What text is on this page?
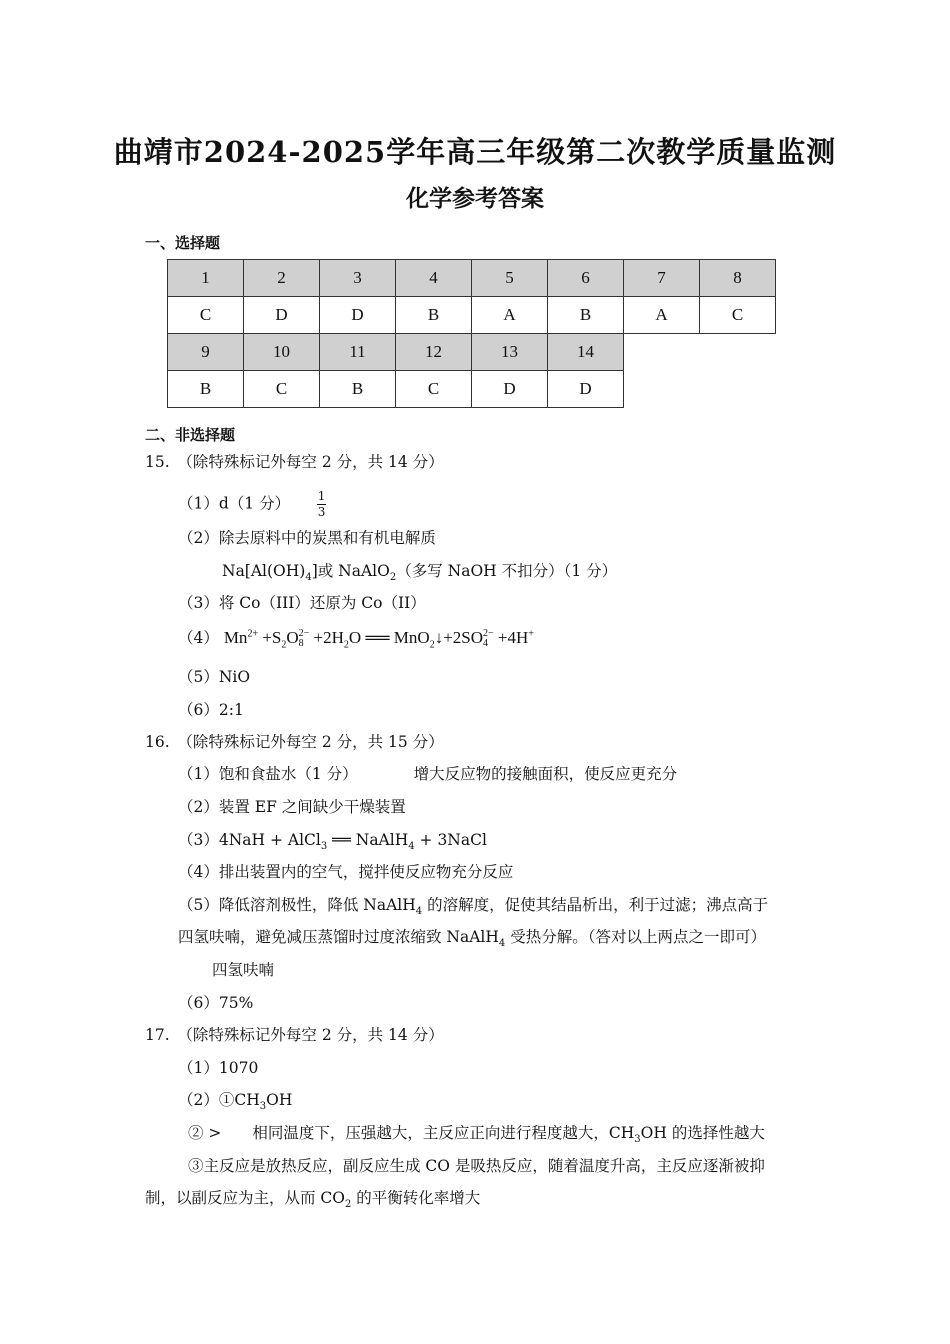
曲靖市2024-2025学年高三年级第二次教学质量监测
化学参考答案
一、选择题
1	2	3	4	5	6	7	8
C	D	D	B	A	B	A	C
9	10	11	12	13	14		
B	C	B	C	D	D		
二、非选择题
15.　（除特殊标记外每空 2 分，共 14 分）
（1）d（1 分） $\frac{1}{3}$
（2）除去原料中的炭黑和有机电解质
$Na[Al(OH)_4]$或 NaAlO$_2$（多写 NaOH 不扣分）（1 分）
（3）将 Co（III）还原为 Co（II）
（4） $Mn^{2+} +S_2O$ 2−
$8 +2H_2O$ ══ MnO$_2$↓+2SO 2−
4 +4H+
（5）NiO
（6）2:1
16.　（除特殊标记外每空 2 分，共 15 分）
（1）饱和食盐水（1 分）	增大反应物的接触面积，使反应更充分
（2）装置 EF 之间缺少干燥装置
（3）4NaH + AlCl$_3$ ══ NaAlH$_4$ + 3NaCl
（4）排出装置内的空气，搅拌使反应物充分反应
（5）降低溶剂极性，降低 NaAlH$_4$ 的溶解度，促使其结晶析出，利于过滤；沸点高于
四氢呋喃，避免减压蒸馏时过度浓缩致 NaAlH$_4$ 受热分解。（答对以上两点之一即可）
四氢呋喃
（6）75%
17.　（除特殊标记外每空 2 分，共 14 分）
（1）1070
$(2)①CH_3OH$
② >　　相同温度下，压强越大，主反应正向进行程度越大，$CH_3OH$ 的选择性越大
③主反应是放热反应，副反应生成 CO 是吸热反应，随着温度升高，主反应逐渐被抑
制，以副反应为主，从而 $CO_2$ 的平衡转化率增大
